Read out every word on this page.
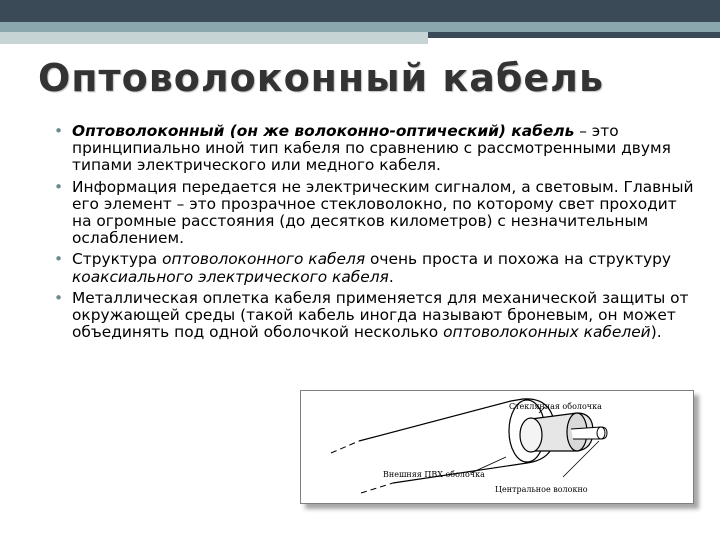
Оптоволоконный кабель
• Оптоволоконный (он же волоконно-оптический) кабель – это принципиально иной тип кабеля по сравнению с рассмотренными двумя типами электрического или медного кабеля.
• Информация передается не электрическим сигналом, а световым. Главный его элемент – это прозрачное стекловолокно, по которому свет проходит на огромные расстояния (до десятков километров) с незначительным ослаблением.
• Структура оптоволоконного кабеля очень проста и похожа на структуру коаксиального электрического кабеля.
• Металлическая оплетка кабеля применяется для механической защиты от окружающей среды (такой кабель иногда называют броневым, он может объединять под одной оболочкой несколько оптоволоконных кабелей).
Стеклянная оболочка
Внешняя ПВХ оболочка
Центральное волокно
